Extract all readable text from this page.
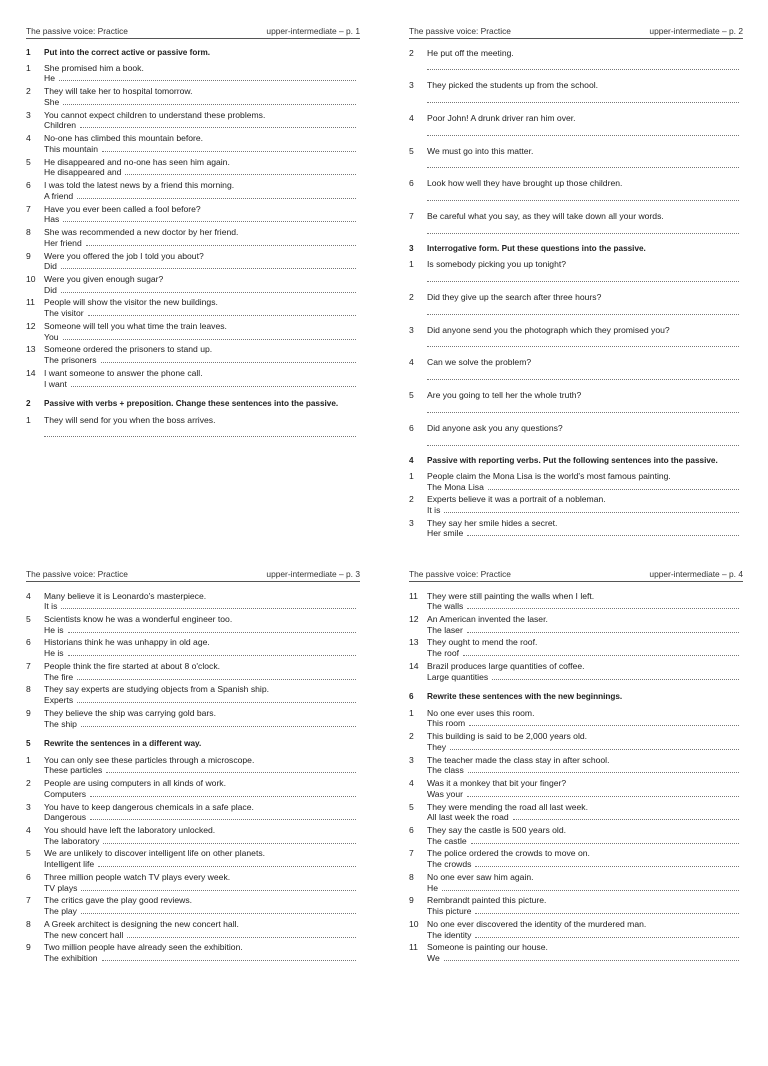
The passive voice: Practice	upper-intermediate – p. 1
1	Put into the correct active or passive form.
1	She promised him a book.
He
2	They will take her to hospital tomorrow.
She
3	You cannot expect children to understand these problems.
Children
4	No-one has climbed this mountain before.
This mountain
5	He disappeared and no-one has seen him again.
He disappeared and
6	I was told the latest news by a friend this morning.
A friend
7	Have you ever been called a fool before?
Has
8	She was recommended a new doctor by her friend.
Her friend
9	Were you offered the job I told you about?
Did
10 Were you given enough sugar?
Did
11	People will show the visitor the new buildings.
The visitor
12 Someone will tell you what time the train leaves.
You
13 Someone ordered the prisoners to stand up.
The prisoners
14 I want someone to answer the phone call.
I want
2	Passive with verbs + preposition. Change these sentences into the passive.
1	They will send for you when the boss arrives.
The passive voice: Practice	upper-intermediate – p. 2
2	He put off the meeting.
3	They picked the students up from the school.
4	Poor John! A drunk driver ran him over.
5	We must go into this matter.
6	Look how well they have brought up those children.
7	Be careful what you say, as they will take down all your words.
3	Interrogative form. Put these questions into the passive.
1	Is somebody picking you up tonight?
2	Did they give up the search after three hours?
3	Did anyone send you the photograph which they promised you?
4	Can we solve the problem?
5	Are you going to tell her the whole truth?
6	Did anyone ask you any questions?
4	Passive with reporting verbs. Put the following sentences into the passive.
1	People claim the Mona Lisa is the world's most famous painting.
The Mona Lisa
2	Experts believe it was a portrait of a nobleman.
It is
3	They say her smile hides a secret.
Her smile
The passive voice: Practice	upper-intermediate – p. 3
4	Many believe it is Leonardo's masterpiece.
It is
5	Scientists know he was a wonderful engineer too.
He is
6	Historians think he was unhappy in old age.
He is
7	People think the fire started at about 8 o'clock.
The fire
8	They say experts are studying objects from a Spanish ship.
Experts
9	They believe the ship was carrying gold bars.
The ship
5	Rewrite the sentences in a different way.
1	You can only see these particles through a microscope.
These particles
2	People are using computers in all kinds of work.
Computers
3	You have to keep dangerous chemicals in a safe place.
Dangerous
4	You should have left the laboratory unlocked.
The laboratory
5	We are unlikely to discover intelligent life on other planets.
Intelligent life
6	Three million people watch TV plays every week.
TV plays
7	The critics gave the play good reviews.
The play
8	A Greek architect is designing the new concert hall.
The new concert hall
9	Two million people have already seen the exhibition.
The exhibition
The passive voice: Practice	upper-intermediate – p. 4
11	They were still painting the walls when I left.
The walls
12 An American invented the laser.
The laser
13 They ought to mend the roof.
The roof
14 Brazil produces large quantities of coffee.
Large quantities
6	Rewrite these sentences with the new beginnings.
1	No one ever uses this room.
This room
2	This building is said to be 2,000 years old.
They
3	The teacher made the class stay in after school.
The class
4	Was it a monkey that bit your finger?
Was your
5	They were mending the road all last week.
All last week the road
6	They say the castle is 500 years old.
The castle
7	The police ordered the crowds to move on.
The crowds
8	No one ever saw him again.
He
9	Rembrandt painted this picture.
This picture
10 No one ever discovered the identity of the murdered man.
The identity
11	Someone is painting our house.
We
